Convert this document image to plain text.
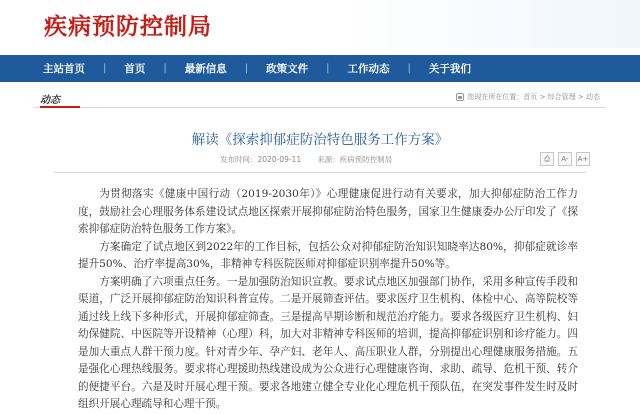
疾病预防控制局
主站首页 | 首页 | 最新信息 | 政策文件 | 工作动态 | 关于我们
动态	您现在所在位置：首页 > 综合管理 > 动态
解读《探索抑郁症防治特色服务工作方案》
发布时间：2020-09-11 来源：疾病预防控制局	⎙	A-	A+

为贯彻落实《健康中国行动（2019-2030年）》心理健康促进行动有关要求，加大抑郁症防治工作力度，鼓励社会心理服务体系建设试点地区探索开展抑郁症防治特色服务，国家卫生健康委办公厅印发了《探索抑郁症防治特色服务工作方案》。

方案确定了试点地区到2022年的工作目标，包括公众对抑郁症防治知识知晓率达80%，抑郁症就诊率提升50%、治疗率提高30%，非精神专科医院医师对抑郁症识别率提升50%等。

方案明确了六项重点任务。一是加强防治知识宣教。要求试点地区加强部门协作，采用多种宣传手段和渠道，广泛开展抑郁症防治知识科普宣传。二是开展筛查评估。要求医疗卫生机构、体检中心、高等院校等通过线上线下多种形式，开展抑郁症筛查。三是提高早期诊断和规范治疗能力。要求各级医疗卫生机构、妇幼保健院、中医院等开设精神（心理）科，加大对非精神专科医师的培训，提高抑郁症识别和诊疗能力。四是加大重点人群干预力度。针对青少年、孕产妇、老年人、高压职业人群，分别提出心理健康服务措施。五是强化心理热线服务。要求将心理援助热线建设成为公众进行心理健康咨询、求助、疏导、危机干预、转介的便捷平台。六是及时开展心理干预。要求各地建立健全专业化心理危机干预队伍，在突发事件发生时及时组织开展心理疏导和心理干预。
